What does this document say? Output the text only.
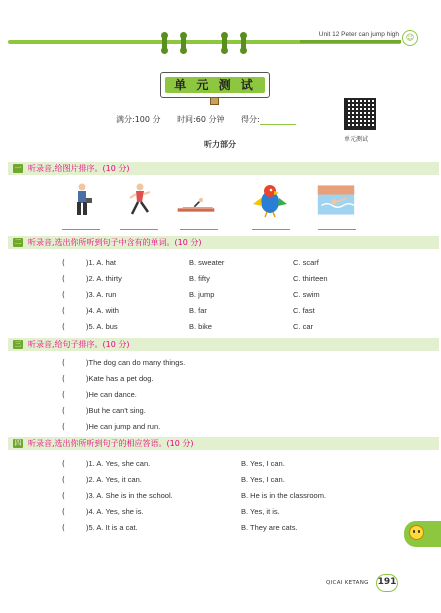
Unit 12 Peter can jump high ☺
单 元 测 试
满分:100 分 时间:60 分钟 得分:
单元测试
听力部分
一 听录音,给图片排序。(10 分)
二 听录音,选出你所听到句子中含有的单词。(10 分)
(	)1. A. hat	B. sweater	C. scarf
(	)2. A. thirty	B. fifty	C. thirteen
(	)3. A. run	B. jump	C. swim
(	)4. A. with	B. far	C. fast
(	)5. A. bus	B. bike	C. car
三 听录音,给句子排序。(10 分)
(	)The dog can do many things.
(	)Kate has a pet dog.
(	)He can dance.
(	)But he can't sing.
(	)He can jump and run.
四 听录音,选出你所听到句子的相应答语。(10 分)
(	)1. A. Yes, she can.	B. Yes, I can.
(	)2. A. Yes, it can.	B. Yes, I can.
(	)3. A. She is in the school.	B. He is in the classroom.
(	)4. A. Yes, she is.	B. Yes, it is.
(	)5. A. It is a cat.	B. They are cats.
QICAI KETANG 191
